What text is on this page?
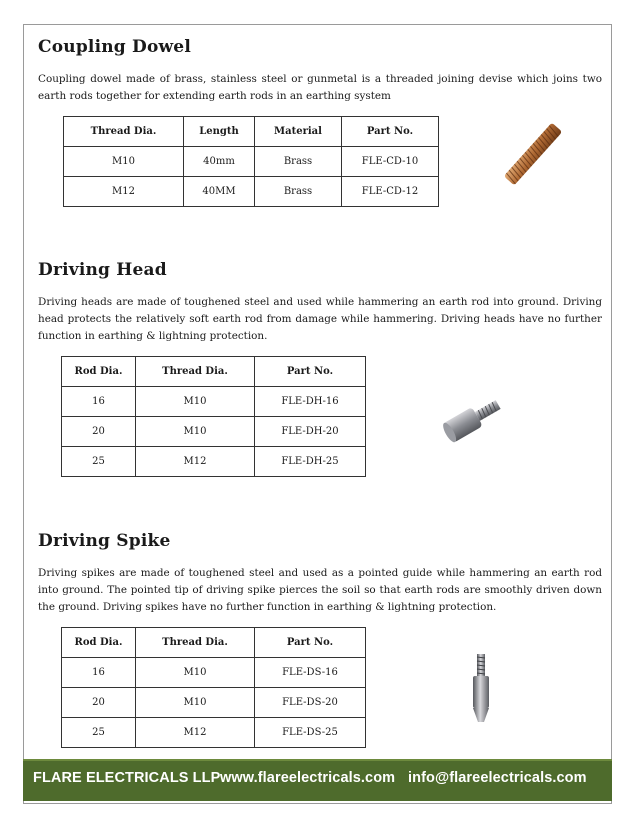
Coupling Dowel

Coupling dowel made of brass, stainless steel or gunmetal is a threaded joining devise which joins two earth rods together for extending earth rods in an earthing system

Thread Dia.	Length	Material	Part No.
M10	40mm	Brass	FLE-CD-10
M12	40MM	Brass	FLE-CD-12
Driving Head

Driving heads are made of toughened steel and used while hammering an earth rod into ground. Driving head protects the relatively soft earth rod from damage while hammering. Driving heads have no further function in earthing & lightning protection.

Rod Dia.	Thread Dia.	Part No.
16	M10	FLE-DH-16
20	M10	FLE-DH-20
25	M12	FLE-DH-25
Driving Spike

Driving spikes are made of toughened steel and used as a pointed guide while hammering an earth rod into ground. The pointed tip of driving spike pierces the soil so that earth rods are smoothly driven down the ground. Driving spikes have no further function in earthing & lightning protection.

Rod Dia.	Thread Dia.	Part No.
16	M10	FLE-DS-16
20	M10	FLE-DS-20
25	M12	FLE-DS-25
FLARE ELECTRICALS LLP www.flareelectricals.com info@flareelectricals.com
